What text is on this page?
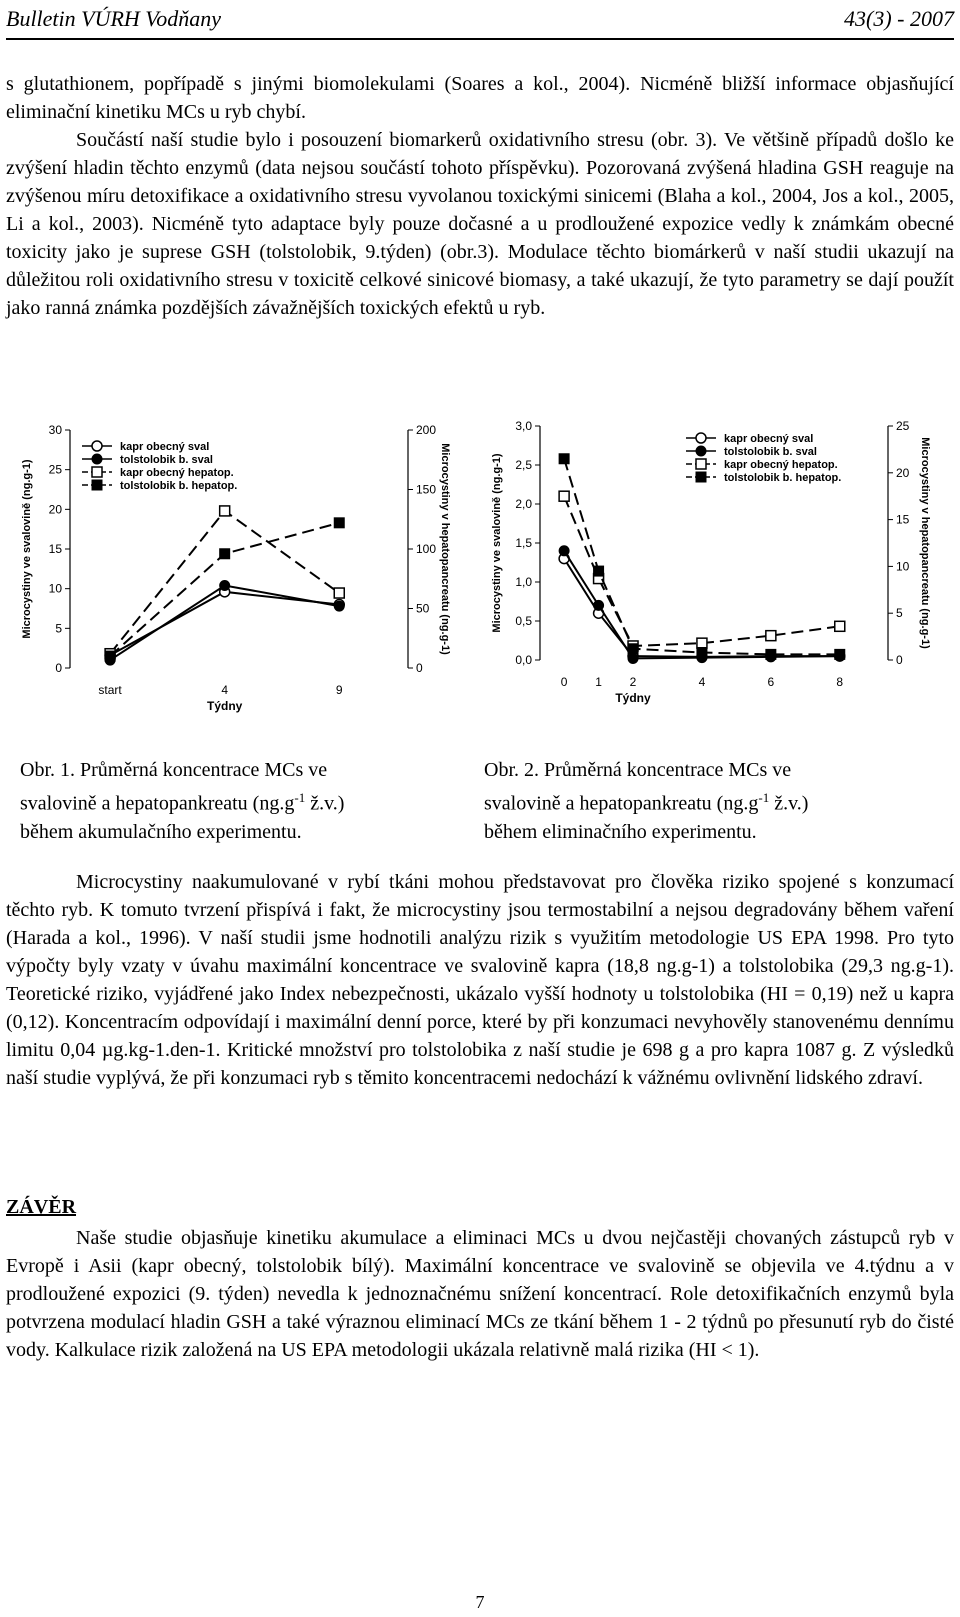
Bulletin VÚRH Vodňany	43(3) - 2007

s glutathionem, popřípadě s jinými biomolekulami (Soares a kol., 2004). Nicméně bližší informace objasňující eliminační kinetiku MCs u ryb chybí.

Součástí naší studie bylo i posouzení biomarkerů oxidativního stresu (obr. 3). Ve většině případů došlo ke zvýšení hladin těchto enzymů (data nejsou součástí tohoto příspěvku). Pozorovaná zvýšená hladina GSH reaguje na zvýšenou míru detoxifikace a oxidativního stresu vyvolanou toxickými sinicemi (Blaha a kol., 2004, Jos a kol., 2005, Li a kol., 2003). Nicméně tyto adaptace byly pouze dočasné a u prodloužené expozice vedly k známkám obecné toxicity jako je suprese GSH (tolstolobik, 9.týden) (obr.3). Modulace těchto biomárkerů v naší studii ukazují na důležitou roli oxidativního stresu v toxicitě celkové sinicové biomasy, a také ukazují, že tyto parametry se dají použít jako ranná známka pozdějších závažnějších toxických efektů u ryb.

0
5
10
15
20
25
30
0
50
100
150
200
start	4	9
Týdny
Microcystiny ve svalovině (ng.g-1)	Microcystiny v hepatopancreatu (ng.g-1)
kapr obecný sval
tolstolobik b. sval
kapr obecný hepatop.
tolstolobik b. hepatop.
0,0
0,5
1,0
1,5
2,0
2,5
3,0
0
5
10
15
20
25
0 1 2	4	6	8
Týdny
Microcystiny ve svalovině (ng.g-1)	Microcystiny v hepatopancreatu (ng.g-1)
kapr obecný sval
tolstolobik b. sval
kapr obecný hepatop.
tolstolobik b. hepatop.
Obr. 1. Průměrná koncentrace MCs ve
svalovině a hepatopankreatu ($ng.g^{-1}$ ž.v.)
během akumulačního experimentu.
Obr. 2. Průměrná koncentrace MCs ve
svalovině a hepatopankreatu ($ng.g^{-1}$ ž.v.)
během eliminačního experimentu.

Microcystiny naakumulované v rybí tkáni mohou představovat pro člověka riziko spojené s konzumací těchto ryb. K tomuto tvrzení přispívá i fakt, že microcystiny jsou termostabilní a nejsou degradovány během vaření (Harada a kol., 1996). V naší studii jsme hodnotili analýzu rizik s využitím metodologie US EPA 1998. Pro tyto výpočty byly vzaty v úvahu maximální koncentrace ve svalovině kapra (18,8 ng.g-1) a tolstolobika (29,3 ng.g-1). Teoretické riziko, vyjádřené jako Index nebezpečnosti, ukázalo vyšší hodnoty u tolstolobika (HI = 0,19) než u kapra (0,12). Koncentracím odpovídají i maximální denní porce, které by při konzumaci nevyhověly stanovenému dennímu limitu 0,04 µg.kg-1.den-1. Kritické množství pro tolstolobika z naší studie je 698 g a pro kapra 1087 g. Z výsledků naší studie vyplývá, že při konzumaci ryb s těmito koncentracemi nedochází k vážnému ovlivnění lidského zdraví.

ZÁVĚR

Naše studie objasňuje kinetiku akumulace a eliminaci MCs u dvou nejčastěji chovaných zástupců ryb v Evropě i Asii (kapr obecný, tolstolobik bílý). Maximální koncentrace ve svalovině se objevila ve 4.týdnu a v prodloužené expozici (9. týden) nevedla k jednoznačnému snížení koncentrací. Role detoxifikačních enzymů byla potvrzena modulací hladin GSH a také výraznou eliminací MCs ze tkání během 1 - 2 týdnů po přesunutí ryb do čisté vody. Kalkulace rizik založená na US EPA metodologii ukázala relativně malá rizika (HI < 1).

7
